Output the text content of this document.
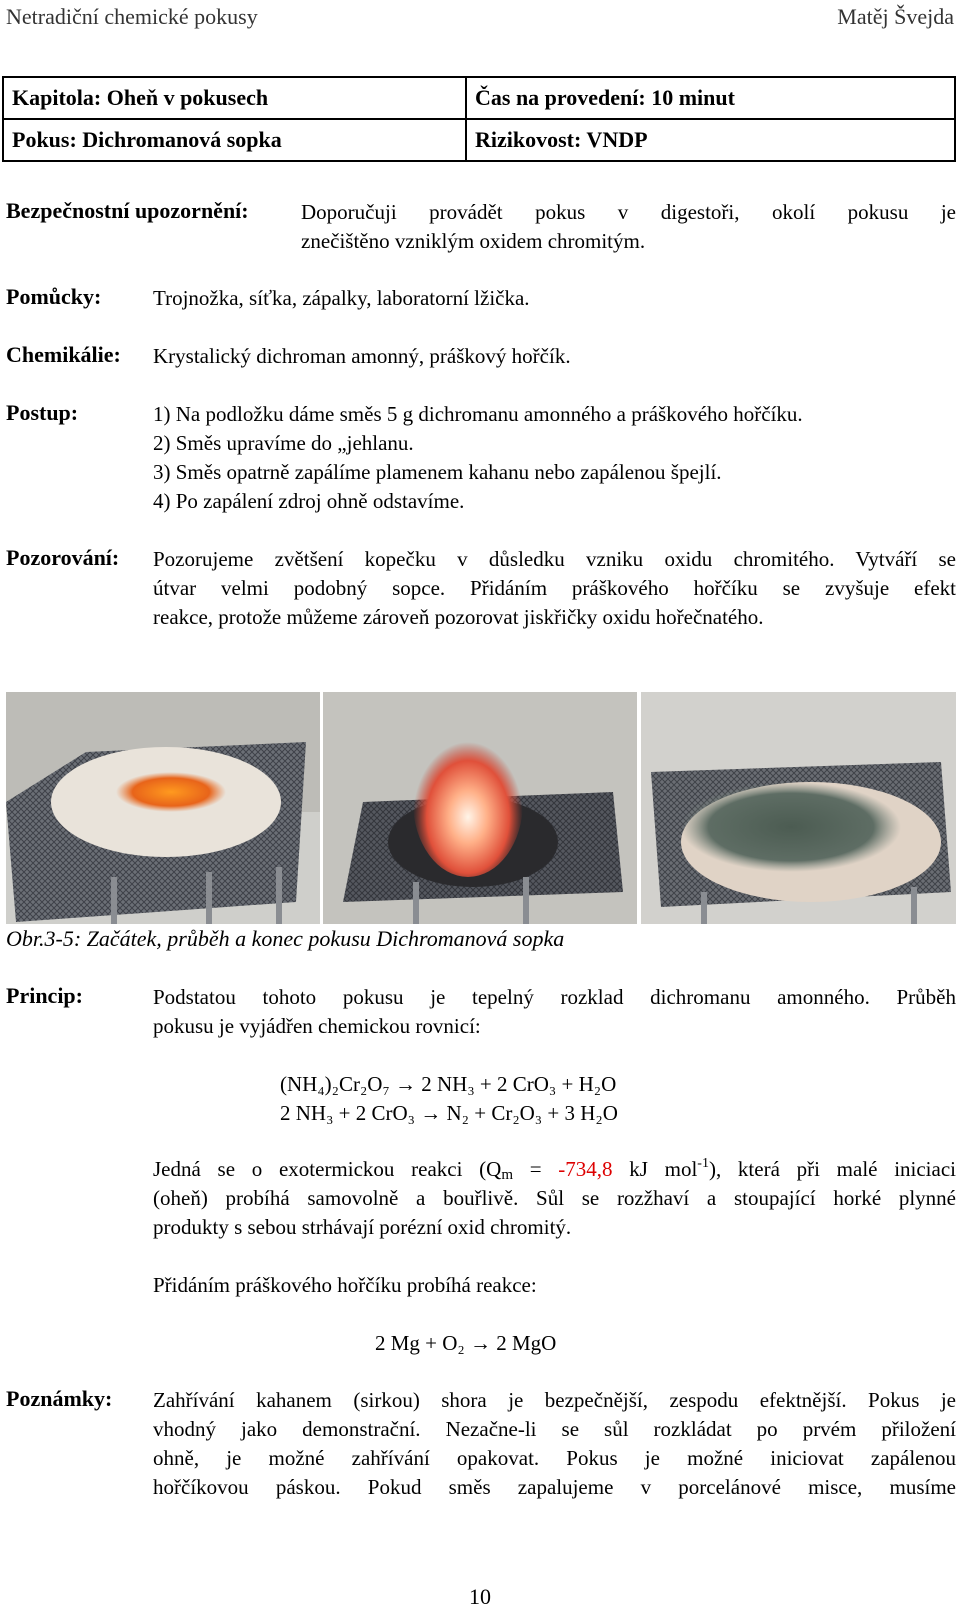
Netradiční chemické pokusy	Matěj Švejda
Kapitola: Oheň v pokusech	Čas na provedení: 10 minut
Pokus: Dichromanová sopka	Rizikovost: VNDP
Bezpečnostní upozornění: Doporučuji provádět pokus v digestoři, okolí pokusu je
znečištěno vzniklým oxidem chromitým.
Pomůcky: Trojnožka, síťka, zápalky, laboratorní lžička.
Chemikálie: Krystalický dichroman amonný, práškový hořčík.
Postup:	1) Na podložku dáme směs 5 g dichromanu amonného a práškového hořčíku.
2) Směs upravíme do „jehlanu.
3) Směs opatrně zapálíme plamenem kahanu nebo zapálenou špejlí.
4) Po zapálení zdroj ohně odstavíme.
Pozorování: Pozorujeme zvětšení kopečku v důsledku vzniku oxidu chromitého. Vytváří se
útvar velmi podobný sopce. Přidáním práškového hořčíku se zvyšuje efekt
reakce, protože můžeme zároveň pozorovat jiskřičky oxidu hořečnatého.
Obr.3-5: Začátek, průběh a konec pokusu Dichromanová sopka
Princip:	Podstatou tohoto pokusu je tepelný rozklad dichromanu amonného. Průběh
pokusu je vyjádřen chemickou rovnicí:
(NH₄)₂Cr₂O₇ → 2 NH₃ + 2 CrO₃ + H₂O
2 NH₃ + 2 CrO₃ → N₂ + Cr₂O₃ + 3 H₂O
Jedná se o exotermickou reakci ($Q_m = -734,8$ kJ mol$^{-1}$), která při malé iniciaci
(oheň) probíhá samovolně a bouřlivě. Sůl se rozžhaví a stoupající horké plynné
produkty s sebou strhávají porézní oxid chromitý.
Přidáním práškového hořčíku probíhá reakce:
2 Mg + O₂ → 2 MgO
Poznámky: Zahřívání kahanem (sirkou) shora je bezpečnější, zespodu efektnější. Pokus je
vhodný jako demonstrační. Nezačne-li se sůl rozkládat po prvém přiložení
ohně, je možné zahřívání opakovat. Pokus je možné iniciovat zapálenou
hořčíkovou páskou. Pokud směs zapalujeme v porcelánové misce, musíme
10
